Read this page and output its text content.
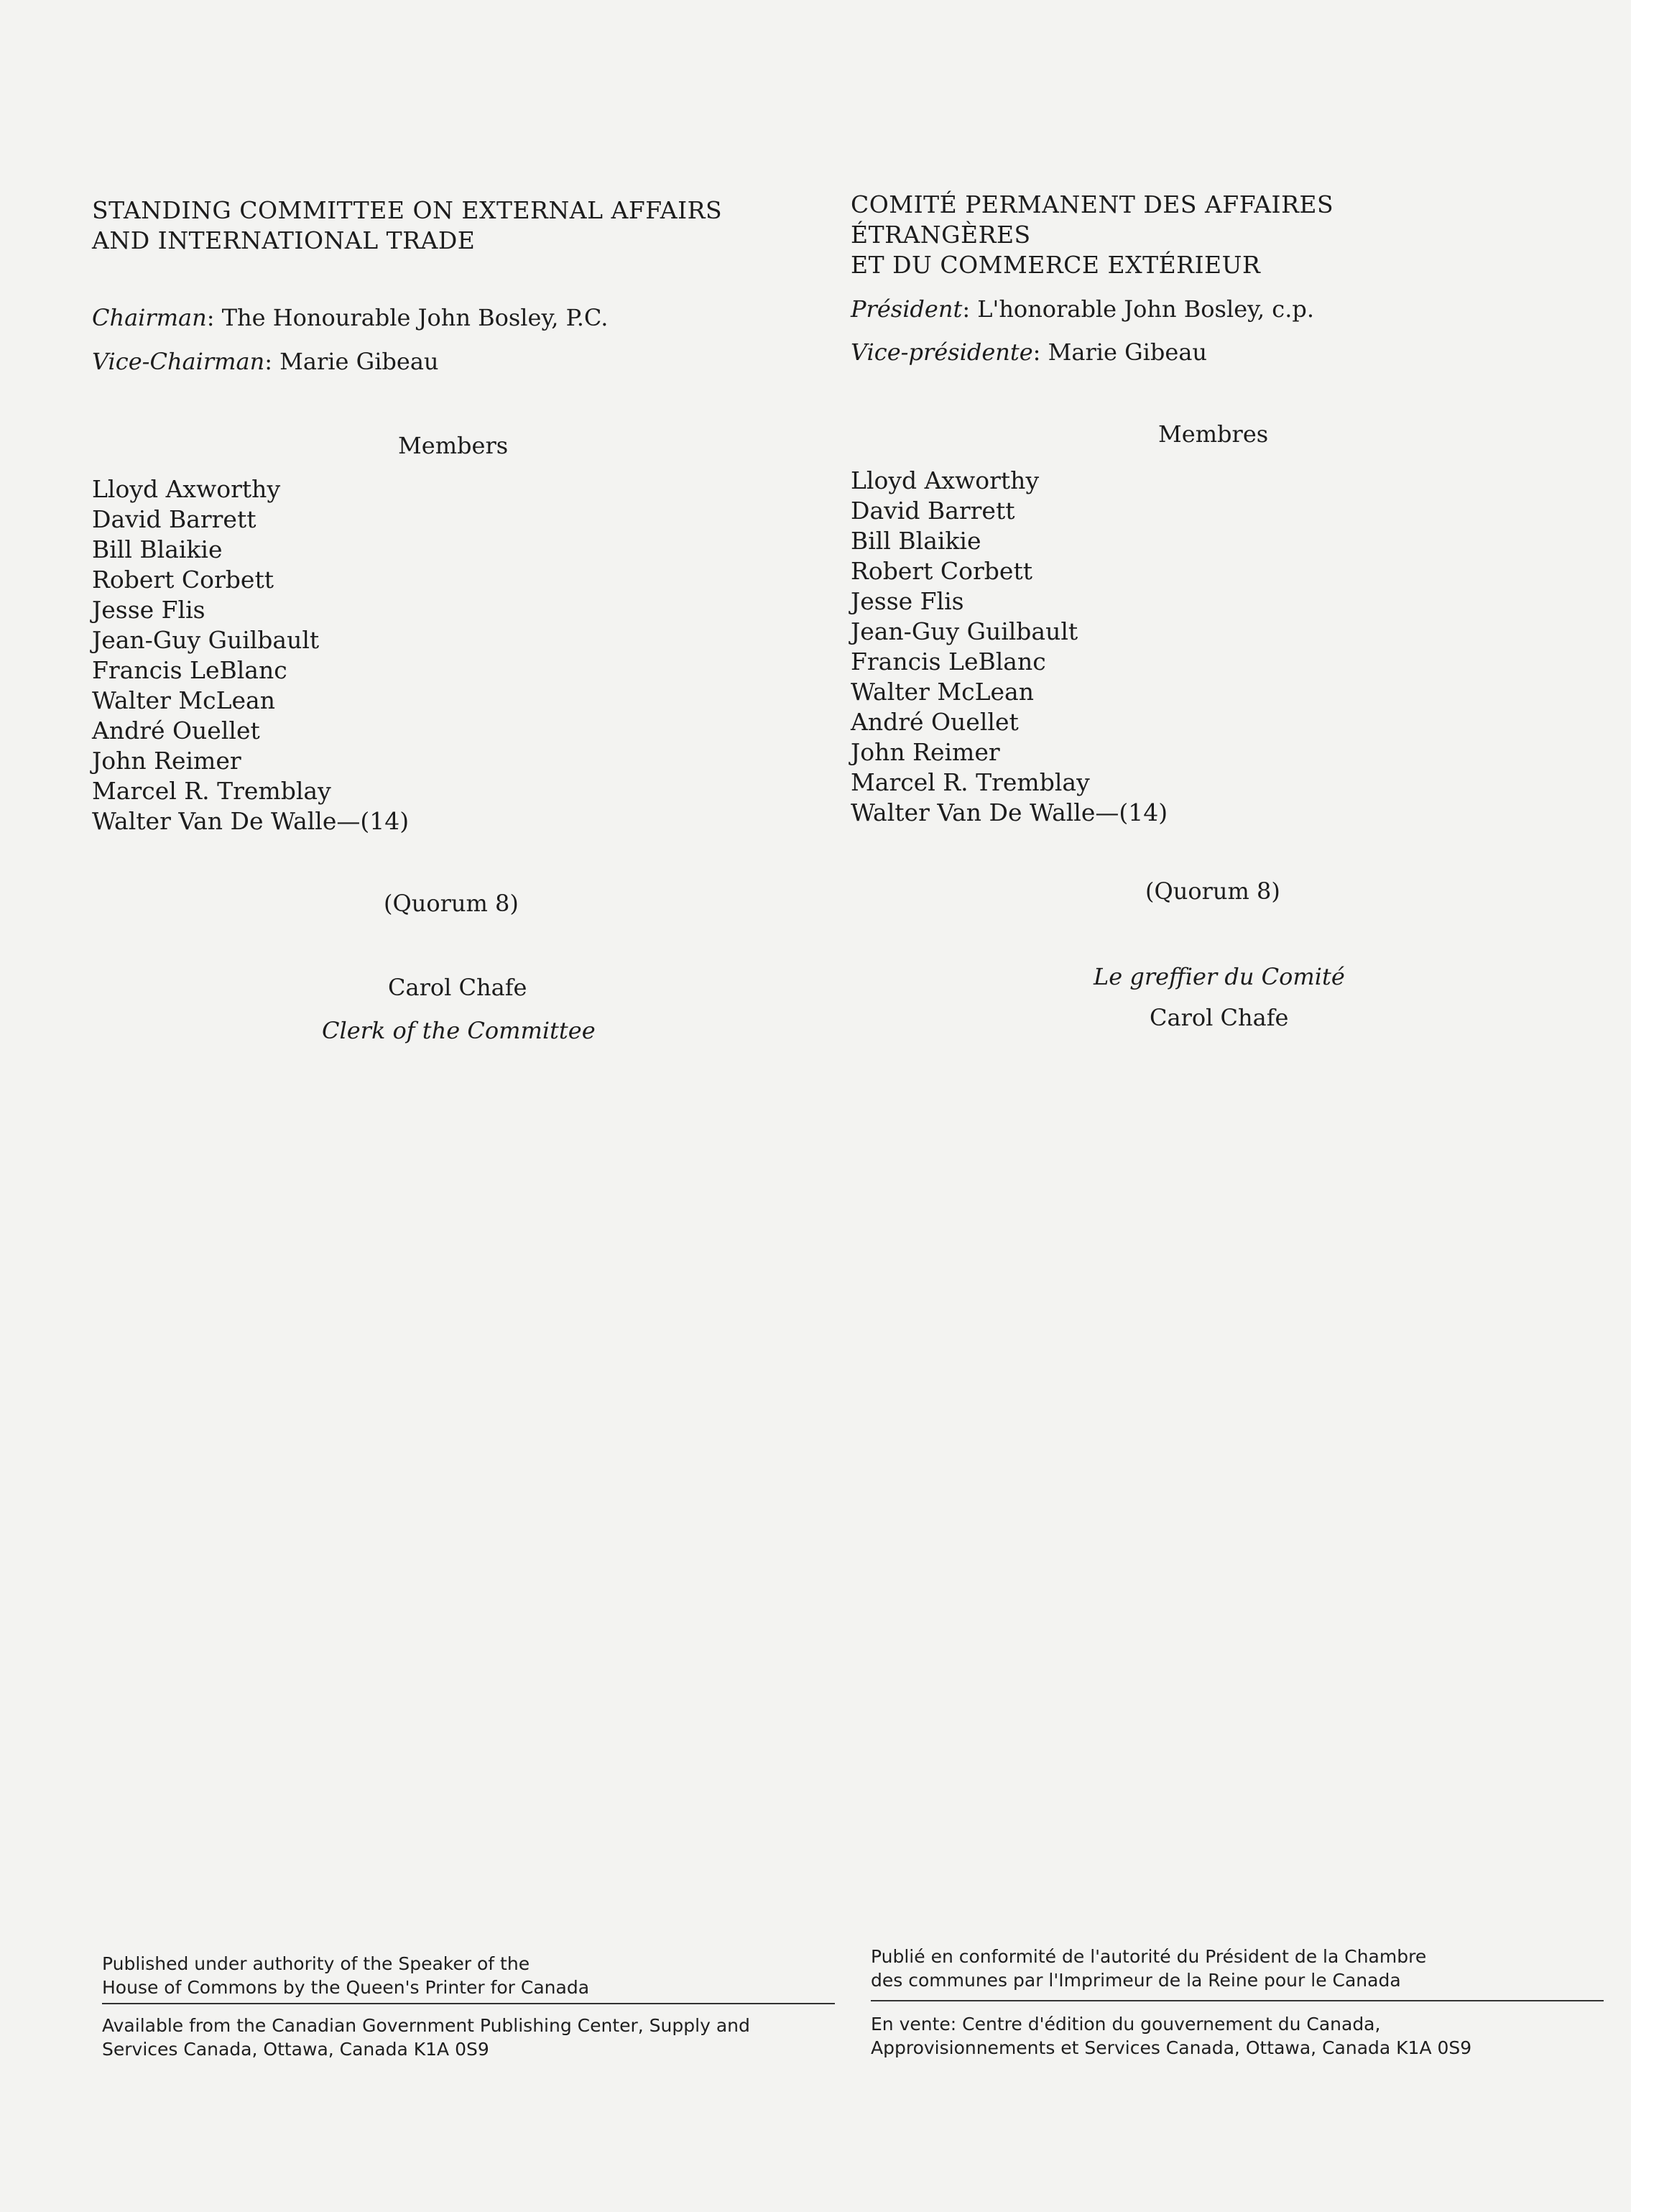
STANDING COMMITTEE ON EXTERNAL AFFAIRS
AND INTERNATIONAL TRADE
Chairman: The Honourable John Bosley, P.C.
Vice-Chairman: Marie Gibeau
Members
Lloyd Axworthy
David Barrett
Bill Blaikie
Robert Corbett
Jesse Flis
Jean-Guy Guilbault
Francis LeBlanc
Walter McLean
André Ouellet
John Reimer
Marcel R. Tremblay
Walter Van De Walle—(14)
(Quorum 8)
Carol Chafe
Clerk of the Committee
Published under authority of the Speaker of the
House of Commons by the Queen's Printer for Canada
Available from the Canadian Government Publishing Center, Supply and
Services Canada, Ottawa, Canada K1A 0S9
COMITÉ PERMANENT DES AFFAIRES
ÉTRANGÈRES
ET DU COMMERCE EXTÉRIEUR
Président: L'honorable John Bosley, c.p.
Vice-présidente: Marie Gibeau
Membres
Lloyd Axworthy
David Barrett
Bill Blaikie
Robert Corbett
Jesse Flis
Jean-Guy Guilbault
Francis LeBlanc
Walter McLean
André Ouellet
John Reimer
Marcel R. Tremblay
Walter Van De Walle—(14)
(Quorum 8)
Le greffier du Comité
Carol Chafe
Publié en conformité de l'autorité du Président de la Chambre
des communes par l'Imprimeur de la Reine pour le Canada
En vente: Centre d'édition du gouvernement du Canada,
Approvisionnements et Services Canada, Ottawa, Canada K1A 0S9
